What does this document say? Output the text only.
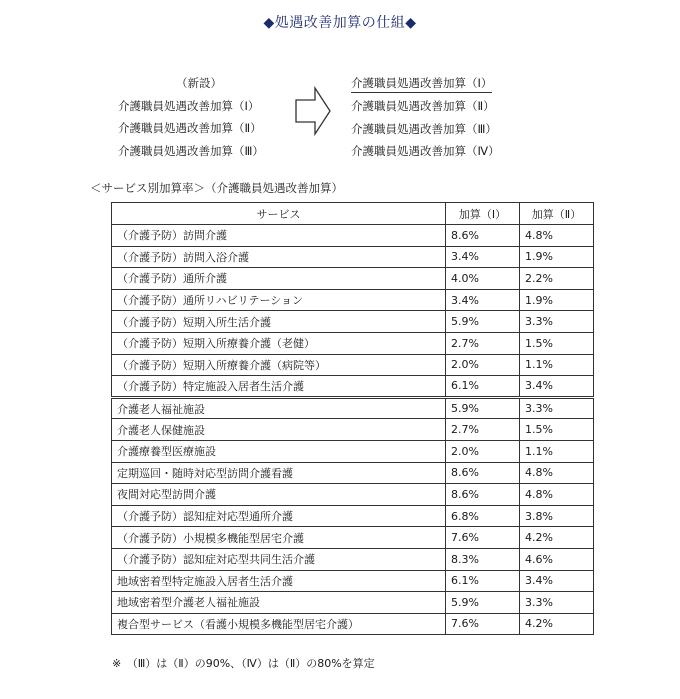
◆処遇改善加算の仕組◆
（新設）
介護職員処遇改善加算（Ⅰ）
介護職員処遇改善加算（Ⅱ）
介護職員処遇改善加算（Ⅲ）
介護職員処遇改善加算（Ⅰ）
介護職員処遇改善加算（Ⅱ）
介護職員処遇改善加算（Ⅲ）
介護職員処遇改善加算（Ⅳ）
＜サービス別加算率＞（介護職員処遇改善加算）
サービス	加算（Ⅰ）	加算（Ⅱ）
（介護予防）訪問介護	8.6%	4.8%
（介護予防）訪問入浴介護	3.4%	1.9%
（介護予防）通所介護	4.0%	2.2%
（介護予防）通所リハビリテーション	3.4%	1.9%
（介護予防）短期入所生活介護	5.9%	3.3%
（介護予防）短期入所療養介護（老健）	2.7%	1.5%
（介護予防）短期入所療養介護（病院等）	2.0%	1.1%
（介護予防）特定施設入居者生活介護	6.1%	3.4%
介護老人福祉施設	5.9%	3.3%
介護老人保健施設	2.7%	1.5%
介護療養型医療施設	2.0%	1.1%
定期巡回・随時対応型訪問介護看護	8.6%	4.8%
夜間対応型訪問介護	8.6%	4.8%
（介護予防）認知症対応型通所介護	6.8%	3.8%
（介護予防）小規模多機能型居宅介護	7.6%	4.2%
（介護予防）認知症対応型共同生活介護	8.3%	4.6%
地域密着型特定施設入居者生活介護	6.1%	3.4%
地域密着型介護老人福祉施設	5.9%	3.3%
複合型サービス（看護小規模多機能型居宅介護）	7.6%	4.2%
※　（Ⅲ）は（Ⅱ）の90%、（Ⅳ）は（Ⅱ）の80%を算定
